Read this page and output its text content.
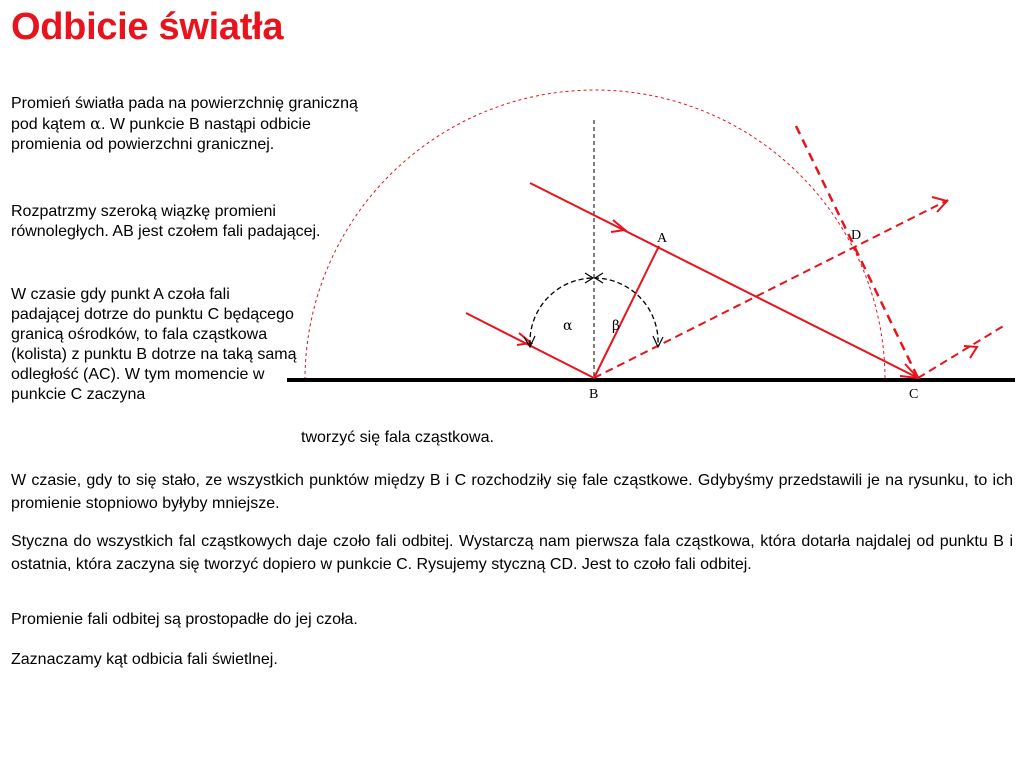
Odbicie światła

Promień światła pada na powierzchnię graniczną pod kątem α. W punkcie B nastąpi odbicie promienia od powierzchni granicznej.

Rozpatrzmy szeroką wiązkę promieni równoległych. AB jest czołem fali padającej.

W czasie gdy punkt A czoła fali padającej dotrze do punktu C będącego granicą ośrodków, to fala cząstkowa (kolista) z punktu B dotrze na taką samą odległość (AC). W tym momencie w punkcie C zaczyna

tworzyć się fala cząstkowa.

W czasie, gdy to się stało, ze wszystkich punktów między B i C rozchodziły się fale cząstkowe. Gdybyśmy przedstawili je na rysunku, to ich promienie stopniowo byłyby mniejsze.

Styczna do wszystkich fal cząstkowych daje czoło fali odbitej. Wystarczą nam pierwsza fala cząstkowa, która dotarła najdalej od punktu B i ostatnia, która zaczyna się tworzyć dopiero w punkcie C. Rysujemy styczną CD. Jest to czoło fali odbitej.

Promienie fali odbitej są prostopadłe do jej czoła.

Zaznaczamy kąt odbicia fali świetlnej.

A
B	C
D
α	β
